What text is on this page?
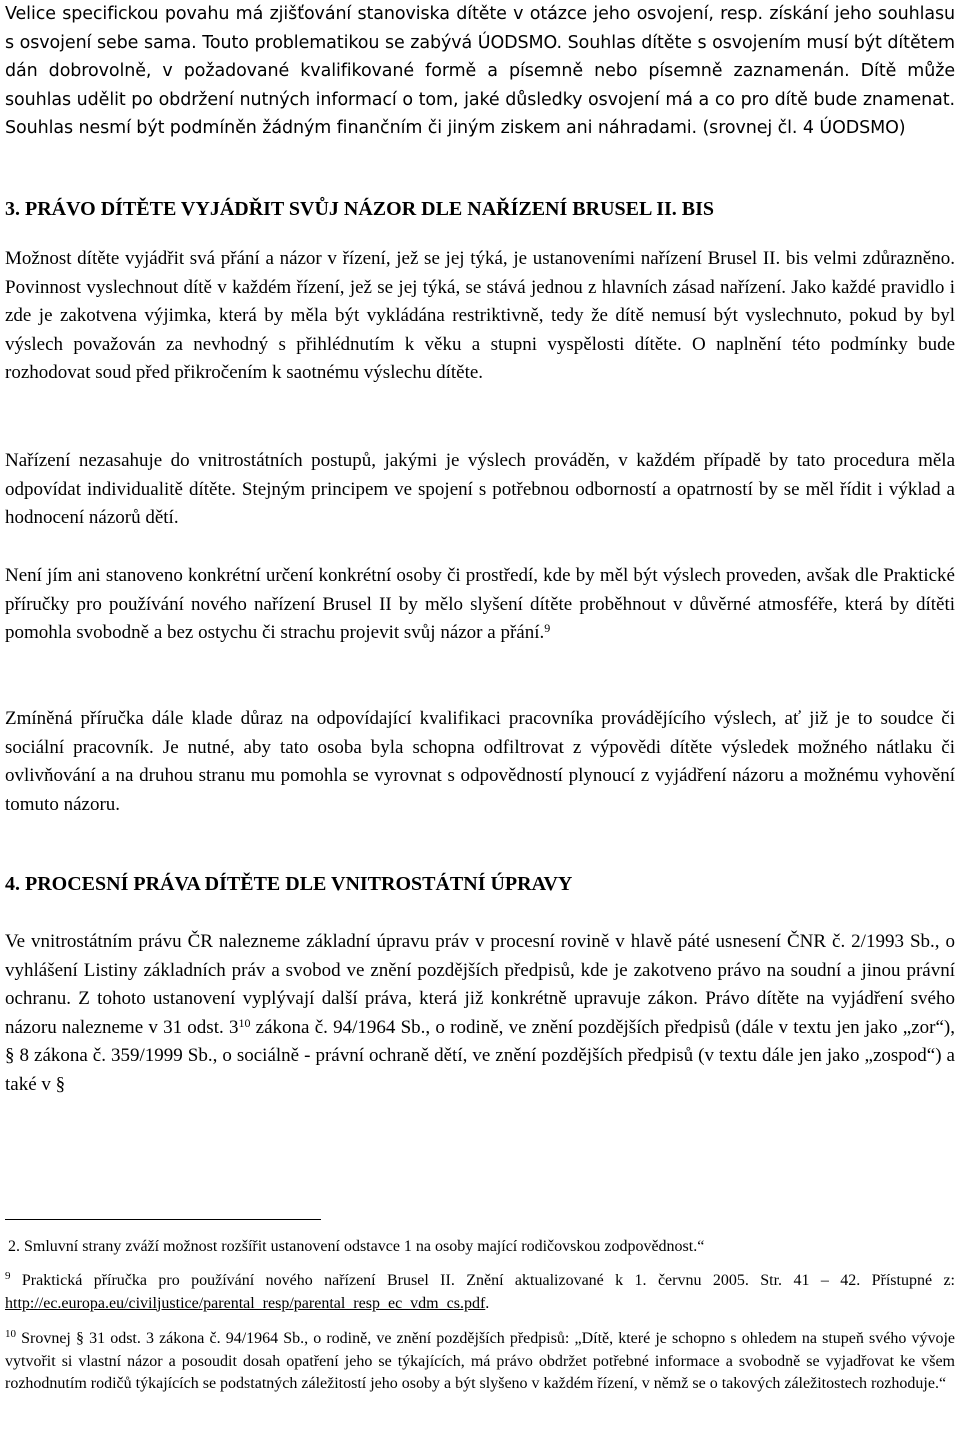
Velice specifickou povahu má zjišťování stanoviska dítěte v otázce jeho osvojení, resp. získání jeho souhlasu s osvojení sebe sama. Touto problematikou se zabývá ÚODSMO. Souhlas dítěte s osvojením musí být dítětem dán dobrovolně, v požadované kvalifikované formě a písemně nebo písemně zaznamenán. Dítě může souhlas udělit po obdržení nutných informací o tom, jaké důsledky osvojení má a co pro dítě bude znamenat. Souhlas nesmí být podmíněn žádným finančním či jiným ziskem ani náhradami. (srovnej čl. 4 ÚODSMO)

3. PRÁVO DÍTĚTE VYJÁDŘIT SVŮJ NÁZOR DLE NAŘÍZENÍ BRUSEL II. BIS

Možnost dítěte vyjádřit svá přání a názor v řízení, jež se jej týká, je ustanoveními nařízení Brusel II. bis velmi zdůrazněno. Povinnost vyslechnout dítě v každém řízení, jež se jej týká, se stává jednou z hlavních zásad nařízení. Jako každé pravidlo i zde je zakotvena výjimka, která by měla být vykládána restriktivně, tedy že dítě nemusí být vyslechnuto, pokud by byl výslech považován za nevhodný s přihlédnutím k věku a stupni vyspělosti dítěte. O naplnění této podmínky bude rozhodovat soud před přikročením k saotnému výslechu dítěte.

Nařízení nezasahuje do vnitrostátních postupů, jakými je výslech prováděn, v každém případě by tato procedura měla odpovídat individualitě dítěte. Stejným principem ve spojení s potřebnou odborností a opatrností by se měl řídit i výklad a hodnocení názorů dětí.

Není jím ani stanoveno konkrétní určení konkrétní osoby či prostředí, kde by měl být výslech proveden, avšak dle Praktické příručky pro používání nového nařízení Brusel II by mělo slyšení dítěte proběhnout v důvěrné atmosféře, která by dítěti pomohla svobodně a bez ostychu či strachu projevit svůj názor a přání.$^9$

Zmíněná příručka dále klade důraz na odpovídající kvalifikaci pracovníka provádějícího výslech, ať již je to soudce či sociální pracovník. Je nutné, aby tato osoba byla schopna odfiltrovat z výpovědi dítěte výsledek možného nátlaku či ovlivňování a na druhou stranu mu pomohla se vyrovnat s odpovědností plynoucí z vyjádření názoru a možnému vyhovění tomuto názoru.

4. PROCESNÍ PRÁVA DÍTĚTE DLE VNITROSTÁTNÍ ÚPRAVY

Ve vnitrostátním právu ČR nalezneme základní úpravu práv v procesní rovině v hlavě páté usnesení ČNR č. 2/1993 Sb., o vyhlášení Listiny základních práv a svobod ve znění pozdějších předpisů, kde je zakotveno právo na soudní a jinou právní ochranu. Z tohoto ustanovení vyplývají další práva, která již konkrétně upravuje zákon. Právo dítěte na vyjádření svého názoru nalezneme v 31 odst. $3^{10}$ zákona č. 94/1964 Sb., o rodině, ve znění pozdějších předpisů (dále v textu jen jako „zor“), § 8 zákona č. 359/1999 Sb., o sociálně - právní ochraně dětí, ve znění pozdějších předpisů (v textu dále jen jako „zospod“) a také v §

2. Smluvní strany zváží možnost rozšířit ustanovení odstavce 1 na osoby mající rodičovskou zodpovědnost.“

$^9$ Praktická příručka pro používání nového nařízení Brusel II. Znění aktualizované k 1. červnu 2005. Str. 41 – 42. Přístupné z: http://ec.europa.eu/civiljustice/parental_resp/parental_resp_ec_vdm_cs.pdf.

$^{10}$ Srovnej § 31 odst. 3 zákona č. 94/1964 Sb., o rodině, ve znění pozdějších předpisů: „Dítě, které je schopno s ohledem na stupeň svého vývoje vytvořit si vlastní názor a posoudit dosah opatření jeho se týkajících, má právo obdržet potřebné informace a svobodně se vyjadřovat ke všem rozhodnutím rodičů týkajících se podstatných záležitostí jeho osoby a být slyšeno v každém řízení, v němž se o takových záležitostech rozhoduje.“
